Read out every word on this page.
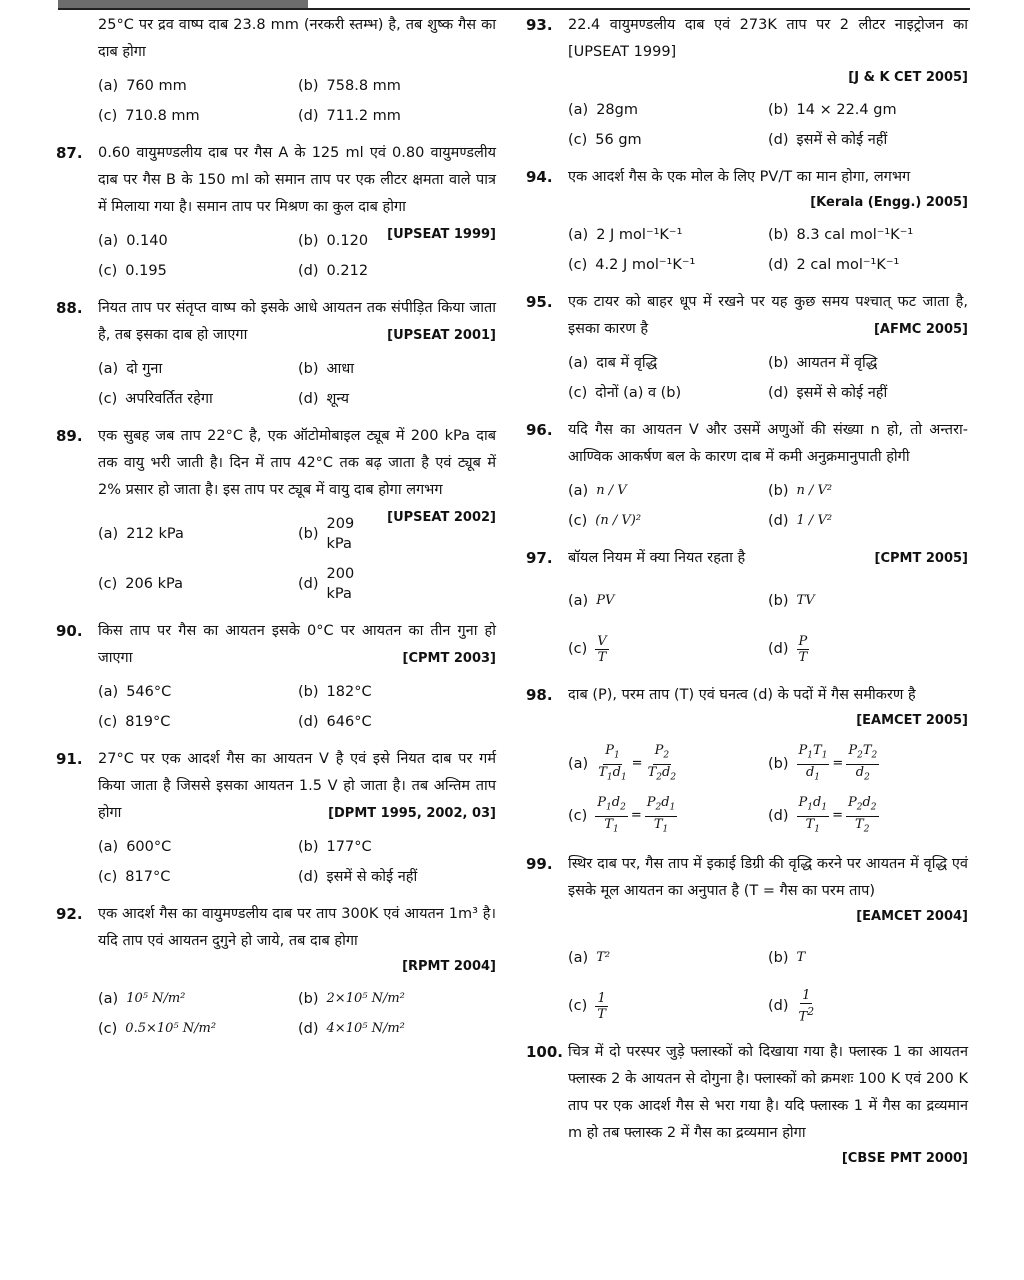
25°C पर द्रव वाष्प दाब 23.8 mm (नरकरी स्तम्भ) है, तब शुष्क गैस का दाब होगा
(a) 760 mm	(b) 758.8 mm
(c) 710.8 mm	(d) 711.2 mm
87. 0.60 वायुमण्डलीय दाब पर गैस A के 125 ml एवं 0.80 वायुमण्डलीय दाब पर गैस B के 150 ml को समान ताप पर एक लीटर क्षमता वाले पात्र में मिलाया गया है। समान ताप पर मिश्रण का कुल दाब होगा
[UPSEAT 1999]
(a) 0.140	(b) 0.120
(c) 0.195	(d) 0.212
88. नियत ताप पर संतृप्त वाष्प को इसके आधे आयतन तक संपीड़ित किया जाता है, तब इसका दाब हो जाएगा	[UPSEAT 2001]
(a) दो गुना	(b) आधा
(c) अपरिवर्तित रहेगा	(d) शून्य
89. एक सुबह जब ताप 22°C है, एक ऑटोमोबाइल ट्यूब में 200 kPa दाब तक वायु भरी जाती है। दिन में ताप 42°C तक बढ़ जाता है एवं ट्यूब में 2% प्रसार हो जाता है। इस ताप पर ट्यूब में वायु दाब होगा लगभग
[UPSEAT 2002]
(a) 212 kPa	(b)
209 kPa
(c) 206 kPa	(d)
200 kPa
90. किस ताप पर गैस का आयतन इसके 0°C पर आयतन का तीन गुना हो जाएगा	[CPMT 2003]
(a) 546°C	(b) 182°C
(c) 819°C	(d) 646°C
91. 27°C पर एक आदर्श गैस का आयतन V है एवं इसे नियत दाब पर गर्म किया जाता है जिससे इसका आयतन 1.5 V हो जाता है। तब अन्तिम ताप होगा	[DPMT 1995, 2002, 03]
(a) 600°C	(b) 177°C
(c) 817°C	(d) इसमें से कोई नहीं
92. एक आदर्श गैस का वायुमण्डलीय दाब पर ताप 300K एवं आयतन 1m³ है। यदि ताप एवं आयतन दुगुने हो जाये, तब दाब होगा
[RPMT 2004]
(a) 10⁵ N/m²	(b) 2×10⁵ N/m²
(c) 0.5×10⁵ N/m²	(d) 4×10⁵ N/m²
93. 22.4 वायुमण्डलीय दाब एवं 273K ताप पर 2 लीटर नाइट्रोजन का [UPSEAT 1999]
[J & K CET 2005]
(a) 28gm	(b) 14 × 22.4 gm
(c) 56 gm	(d) इसमें से कोई नहीं
94. एक आदर्श गैस के एक मोल के लिए PV/T का मान होगा, लगभग
[Kerala (Engg.) 2005]
(a) 2 J mol⁻¹K⁻¹	(b) 8.3 cal mol⁻¹K⁻¹
(c) 4.2 J mol⁻¹K⁻¹	(d) 2 cal mol⁻¹K⁻¹
95. एक टायर को बाहर धूप में रखने पर यह कुछ समय पश्चात् फट जाता है, इसका कारण है	[AFMC 2005]
(a) दाब में वृद्धि	(b) आयतन में वृद्धि
(c) दोनों (a) व (b)	(d) इसमें से कोई नहीं
96. यदि गैस का आयतन V और उसमें अणुओं की संख्या n हो, तो अन्तरा-आण्विक आकर्षण बल के कारण दाब में कमी अनुक्रमानुपाती होगी
(a) n / V	(b) n / V²
(c) (n / V)²	(d) 1 / V²
97. बॉयल नियम में क्या नियत रहता है	[CPMT 2005]
(a) PV	(b) TV
$(c) \frac{V}{T}$	$(d) \frac{P}{T}$
98. दाब (P), परम ताप (T) एवं घनत्व (d) के पदों में गैस समीकरण है
[EAMCET 2005]
$(a) \frac{P_1}{T_1d_1} = \frac{P_2}{T_2d_2}$	$(b) \frac{P_1T_1}{d_1} = \frac{P_2T_2}{d_2}$
$(c) \frac{P_1d_2}{T_1} = \frac{P_2d_1}{T_1}$	$(d) \frac{P_1d_1}{T_1} = \frac{P_2d_2}{T_2}$
99. स्थिर दाब पर, गैस ताप में इकाई डिग्री की वृद्धि करने पर आयतन में वृद्धि एवं इसके मूल आयतन का अनुपात है (T = गैस का परम ताप)
[EAMCET 2004]
(a) T²	(b) T
$(c) \frac{1}{T}$	$(d) \frac{1}{T^2}$
100. चित्र में दो परस्पर जुड़े फ्लास्कों को दिखाया गया है। फ्लास्क 1 का आयतन फ्लास्क 2 के आयतन से दोगुना है। फ्लास्कों को क्रमशः 100 K एवं 200 K ताप पर एक आदर्श गैस से भरा गया है। यदि फ्लास्क 1 में गैस का द्रव्यमान m हो तब फ्लास्क 2 में गैस का द्रव्यमान होगा
[CBSE PMT 2000]
